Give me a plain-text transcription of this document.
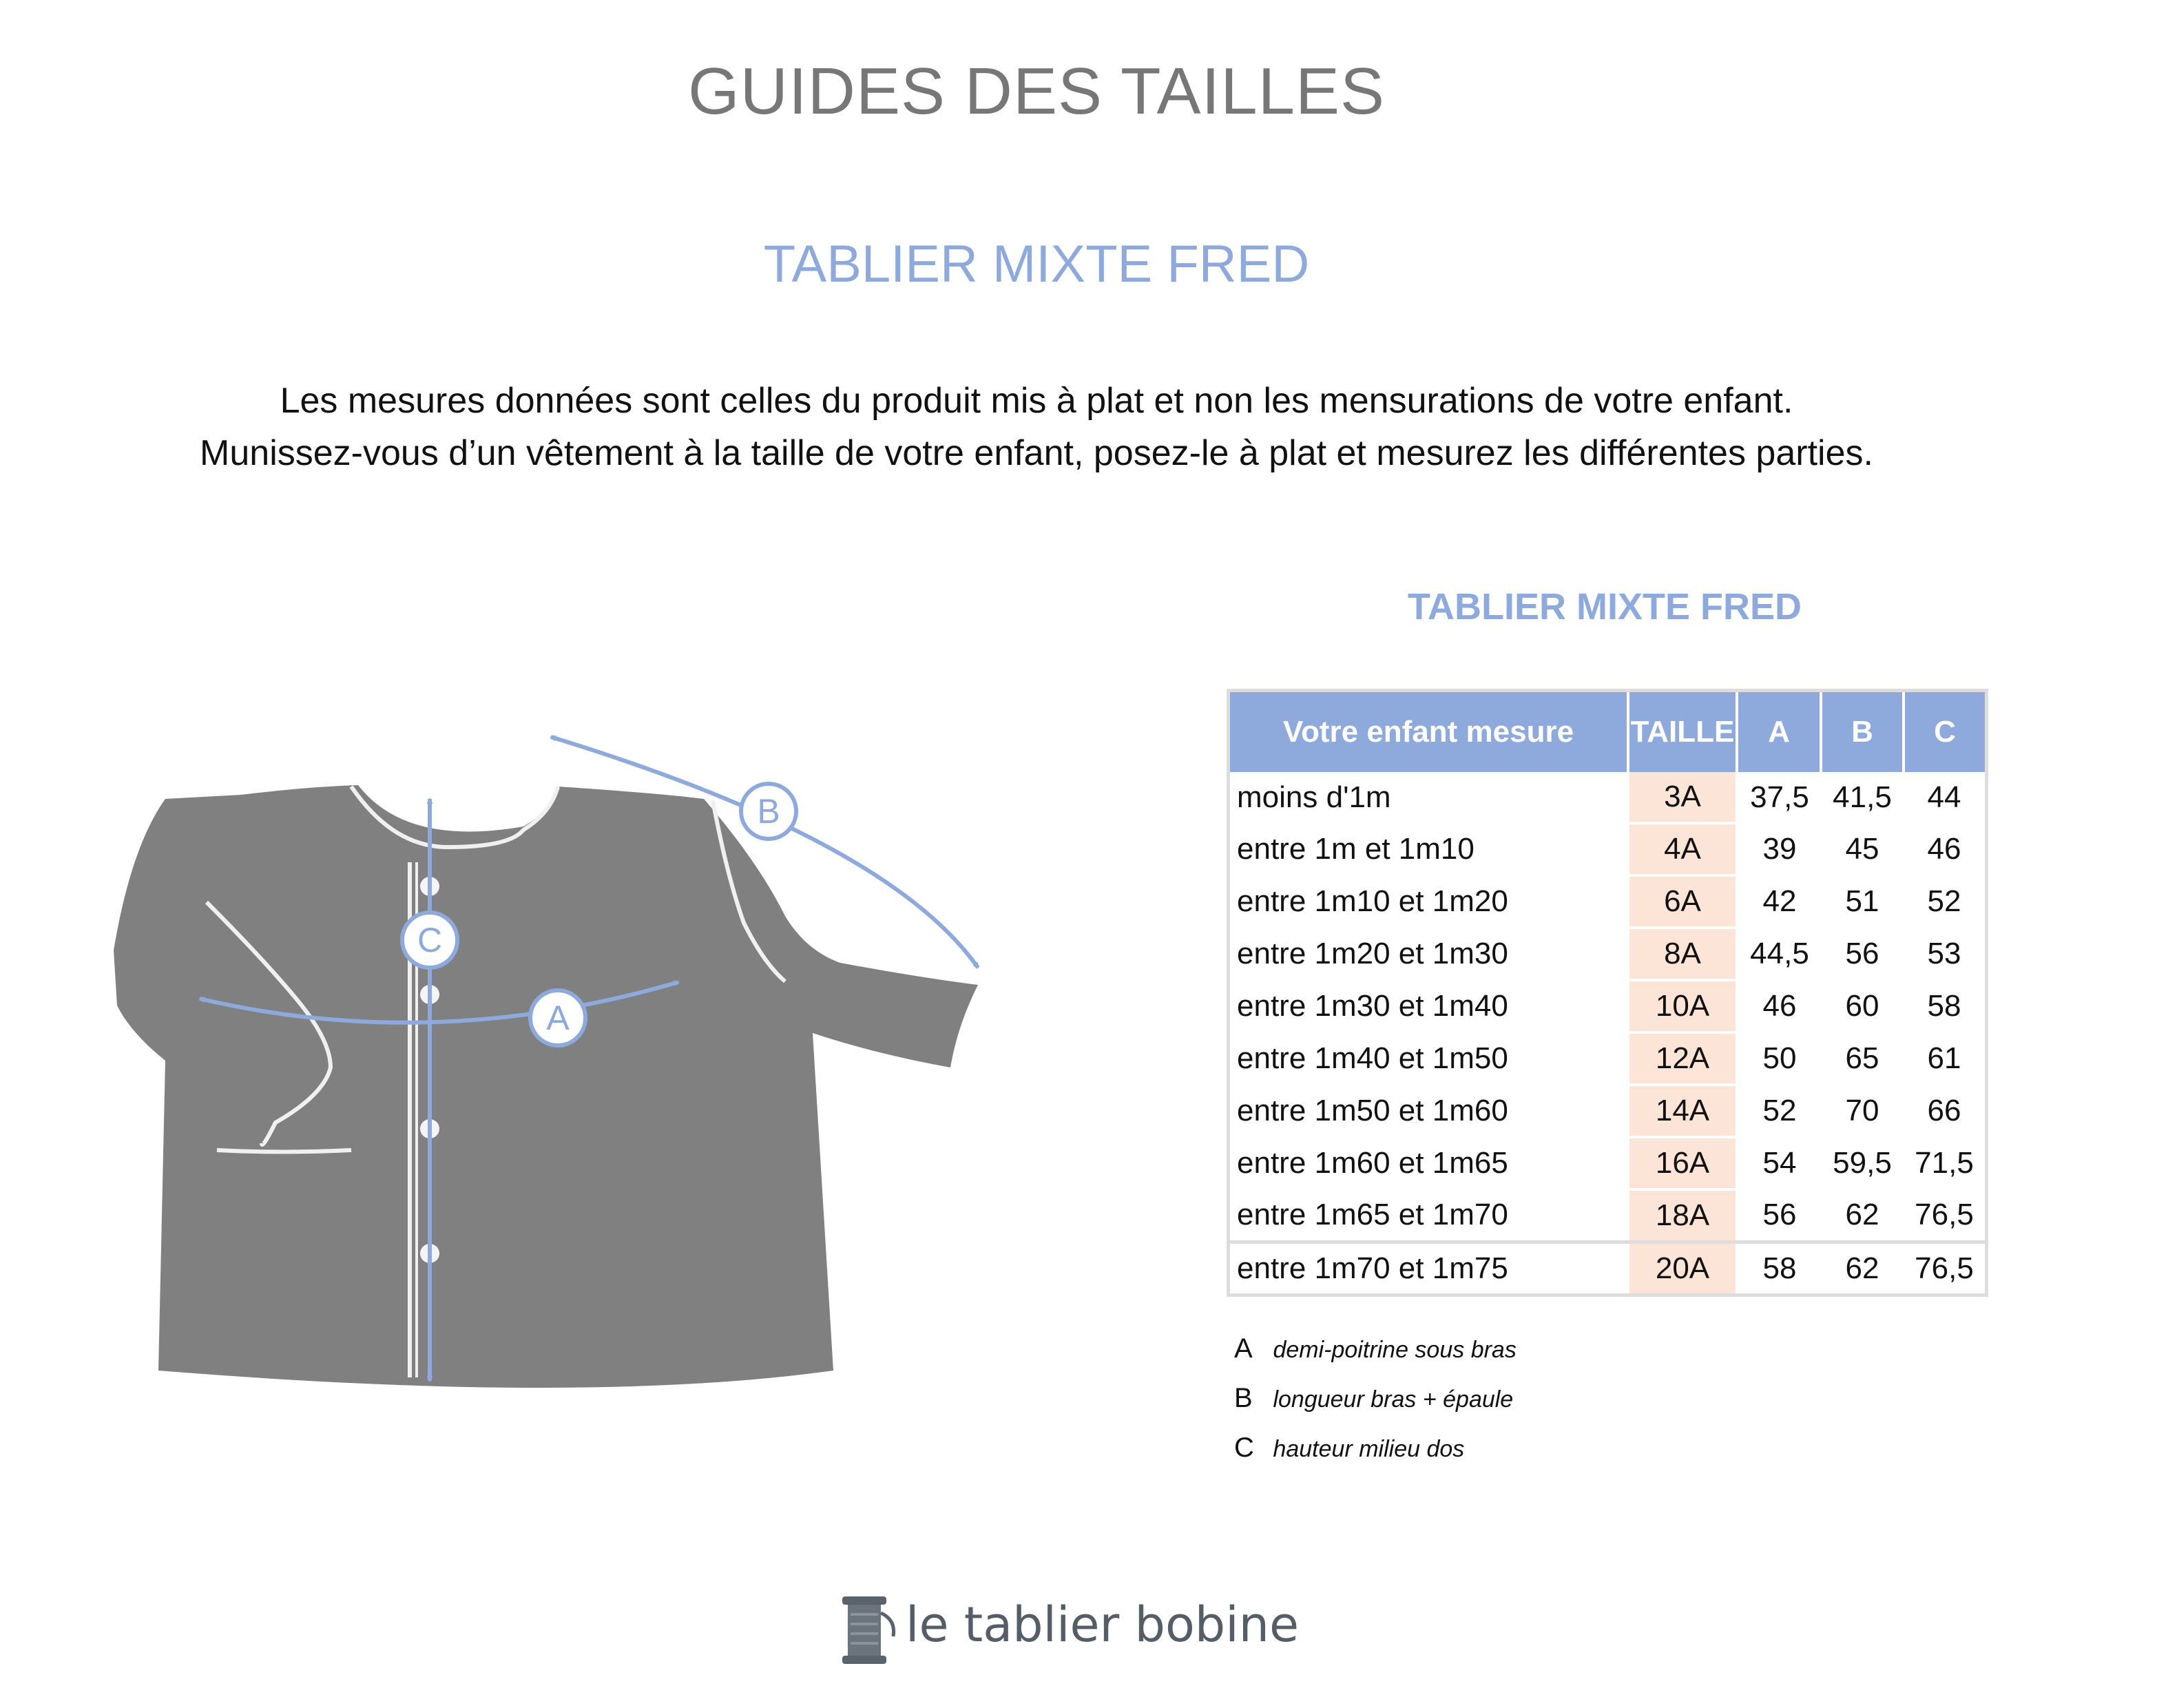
GUIDES DES TAILLES
TABLIER MIXTE FRED
Les mesures données sont celles du produit mis à plat et non les mensurations de votre enfant.
Munissez-vous d’un vêtement à la taille de votre enfant, posez-le à plat et mesurez les différentes parties.
A
B
C
TABLIER MIXTE FRED
Votre enfant mesure	TAILLE	A	B	C
moins d'1m	3A	37,5	41,5	44
entre 1m et 1m10	4A	39	45	46
entre 1m10 et 1m20	6A	42	51	52
entre 1m20 et 1m30	8A	44,5	56	53
entre 1m30 et 1m40	10A	46	60	58
entre 1m40 et 1m50	12A	50	65	61
entre 1m50 et 1m60	14A	52	70	66
entre 1m60 et 1m65	16A	54	59,5	71,5
entre 1m65 et 1m70	18A	56	62	76,5
entre 1m70 et 1m75	20A	58	62	76,5
A demi-poitrine sous bras
B longueur bras + épaule
C hauteur milieu dos
le tablier bobine
